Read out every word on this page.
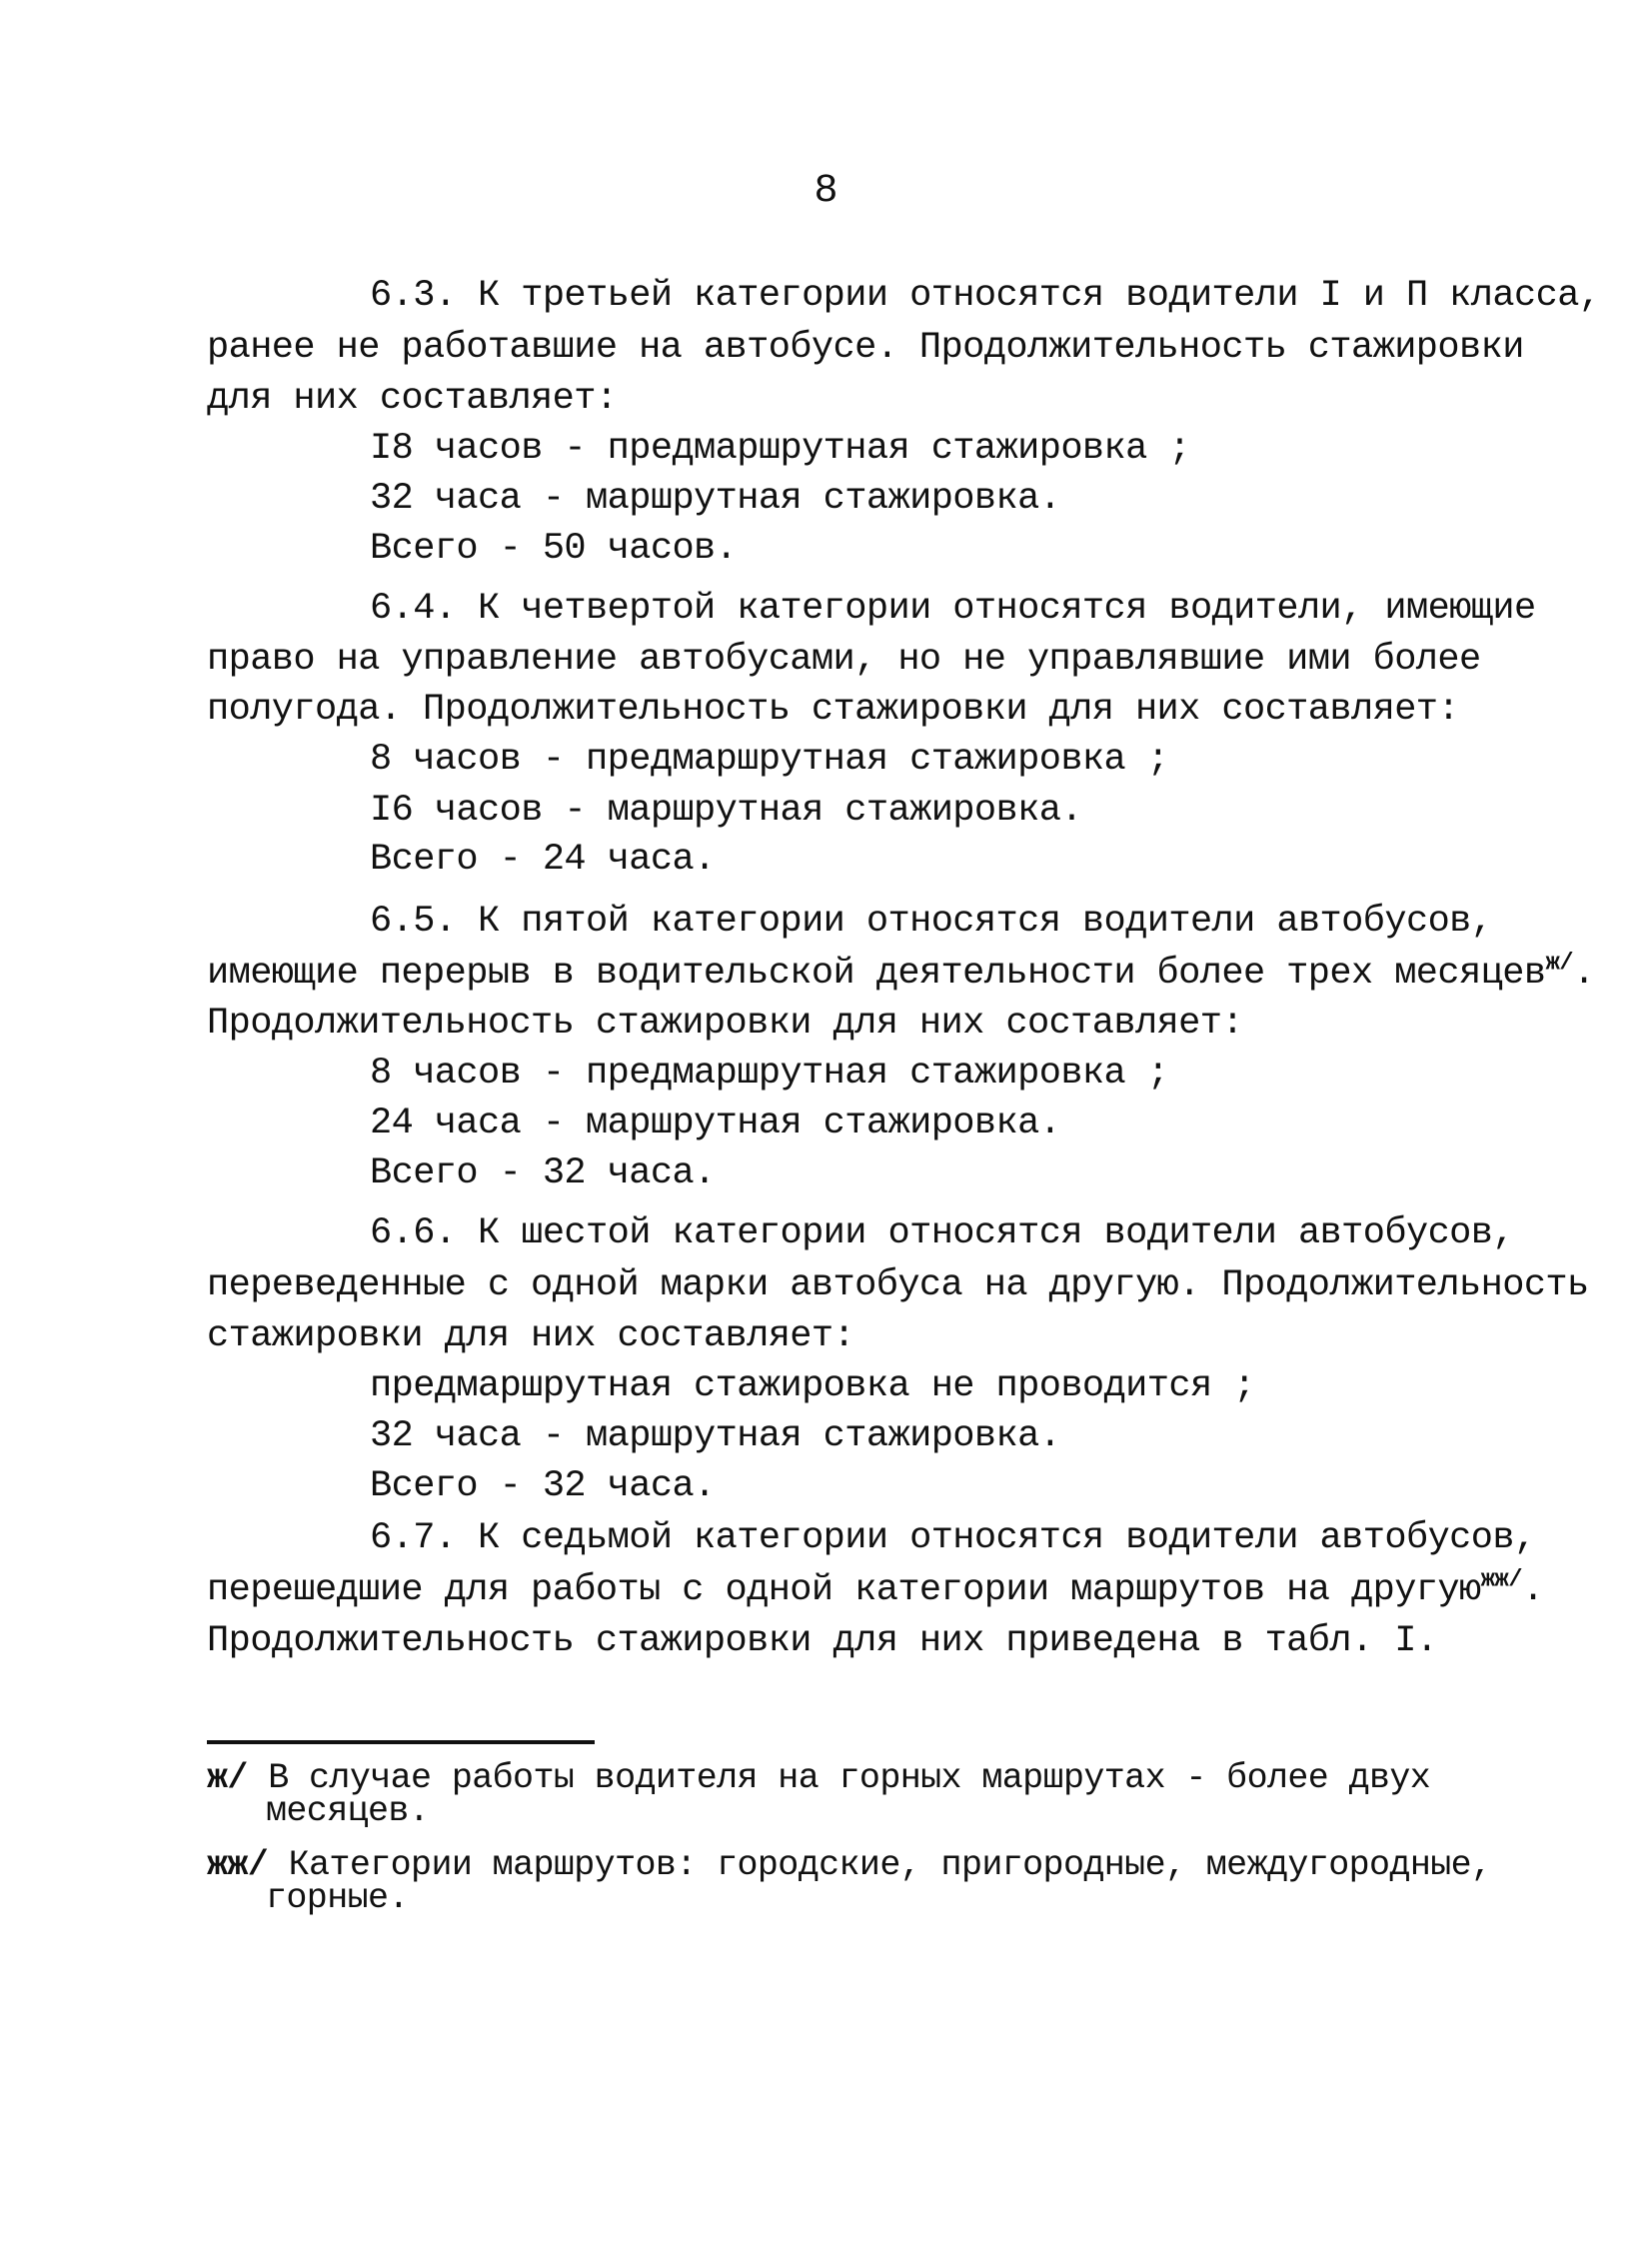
8
6.3. К третьей категории относятся водители I и П класса,
ранее не работавшие на автобусе. Продолжительность стажировки
для них составляет:
I8 часов - предмаршрутная стажировка ;
32 часа - маршрутная стажировка.
Всего - 50 часов.
6.4. К четвертой категории относятся водители, имеющие
право на управление автобусами, но не управлявшие ими более
полугода. Продолжительность стажировки для них составляет:
8 часов - предмаршрутная стажировка ;
I6 часов - маршрутная стажировка.
Всего - 24 часа.
6.5. К пятой категории относятся водители автобусов,
имеющие перерыв в водительской деятельности более трех месяцев$^{ж/}$.
Продолжительность стажировки для них составляет:
8 часов - предмаршрутная стажировка ;
24 часа - маршрутная стажировка.
Всего - 32 часа.
6.6. К шестой категории относятся водители автобусов,
переведенные с одной марки автобуса на другую. Продолжительность
стажировки для них составляет:
предмаршрутная стажировка не проводится ;
32 часа - маршрутная стажировка.
Всего - 32 часа.
6.7. К седьмой категории относятся водители автобусов,
перешедшие для работы с одной категории маршрутов на другую$^{жж/}$.
Продолжительность стажировки для них приведена в табл. I.
ж/ В случае работы водителя на горных маршрутах - более двух
месяцев.
жж/ Категории маршрутов: городские, пригородные, междугородные,
горные.
